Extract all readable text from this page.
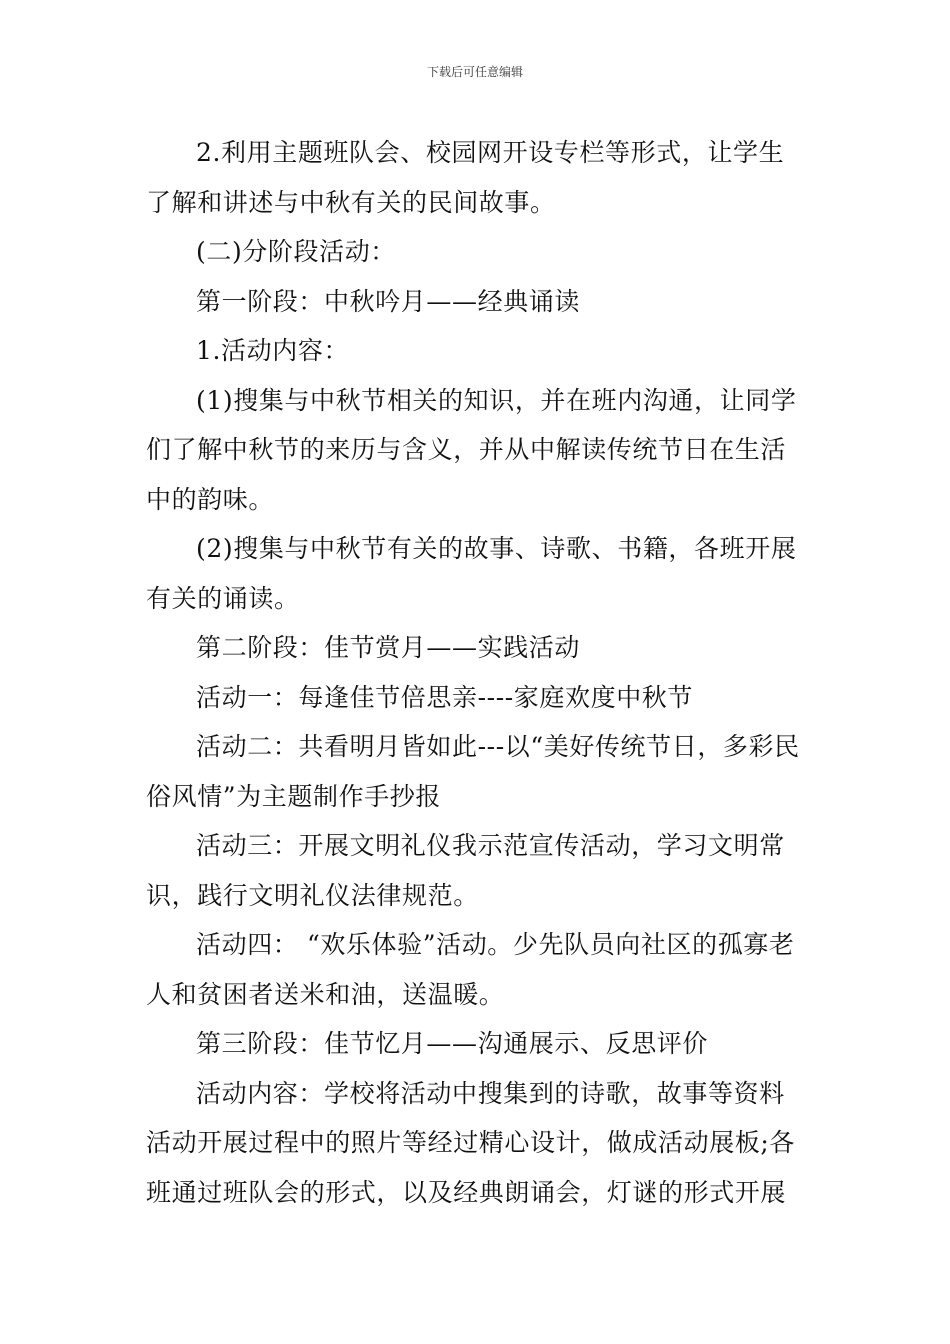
下载后可任意编辑

2.利用主题班队会、校园网开设专栏等形式，让学生了解和讲述与中秋有关的民间故事。

(二)分阶段活动：

第一阶段：中秋吟月——经典诵读

1.活动内容：

(1)搜集与中秋节相关的知识，并在班内沟通，让同学们了解中秋节的来历与含义，并从中解读传统节日在生活中的韵味。

(2)搜集与中秋节有关的故事、诗歌、书籍，各班开展有关的诵读。

第二阶段：佳节赏月——实践活动

活动一：每逢佳节倍思亲----家庭欢度中秋节

活动二：共看明月皆如此---以“美好传统节日，多彩民俗风情”为主题制作手抄报

活动三：开展文明礼仪我示范宣传活动，学习文明常识，践行文明礼仪法律规范。

活动四： “欢乐体验”活动。少先队员向社区的孤寡老人和贫困者送米和油，送温暖。

第三阶段：佳节忆月——沟通展示、反思评价

活动内容：学校将活动中搜集到的诗歌，故事等资料活动开展过程中的照片等经过精心设计，做成活动展板;各班通过班队会的形式，以及经典朗诵会，灯谜的形式开展
